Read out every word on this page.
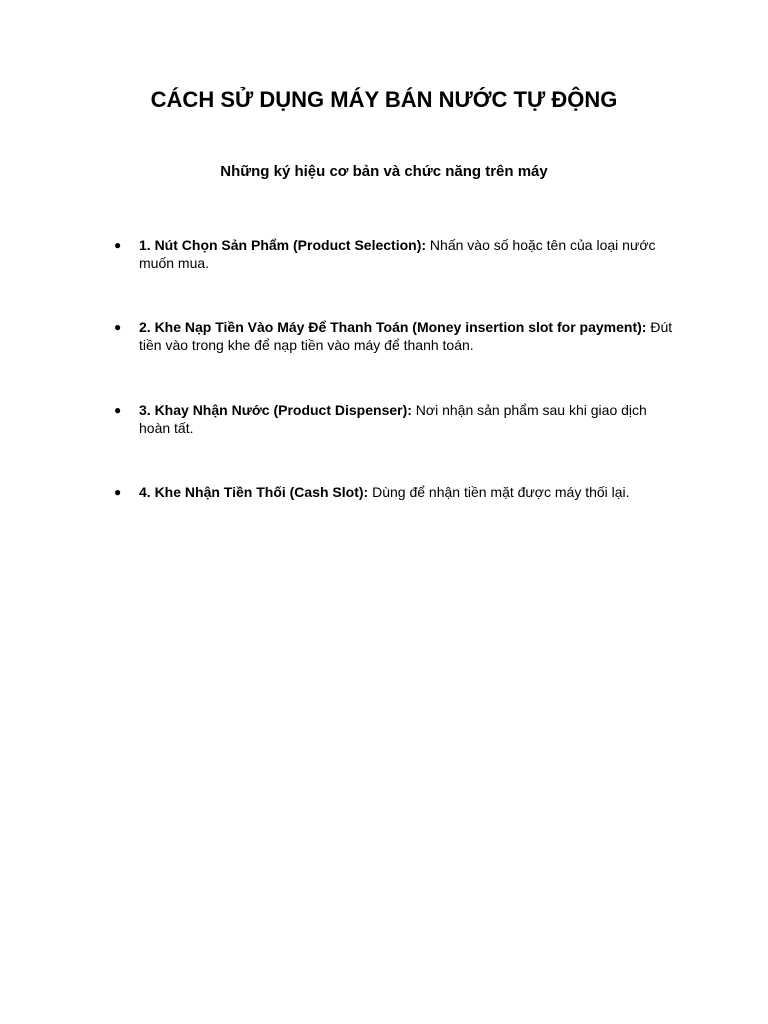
CÁCH SỬ DỤNG MÁY BÁN NƯỚC TỰ ĐỘNG
Những ký hiệu cơ bản và chức năng trên máy
●	1. Nút Chọn Sản Phẩm (Product Selection): Nhấn vào số hoặc tên của loại nước muốn mua.
●	2. Khe Nạp Tiền Vào Máy Để Thanh Toán (Money insertion slot for payment): Đút tiền vào trong khe để nạp tiền vào máy để thanh toán.
●	3. Khay Nhận Nước (Product Dispenser): Nơi nhận sản phẩm sau khi giao dịch hoàn tất.
●	4. Khe Nhận Tiền Thối (Cash Slot): Dùng để nhận tiền mặt được máy thối lại.
